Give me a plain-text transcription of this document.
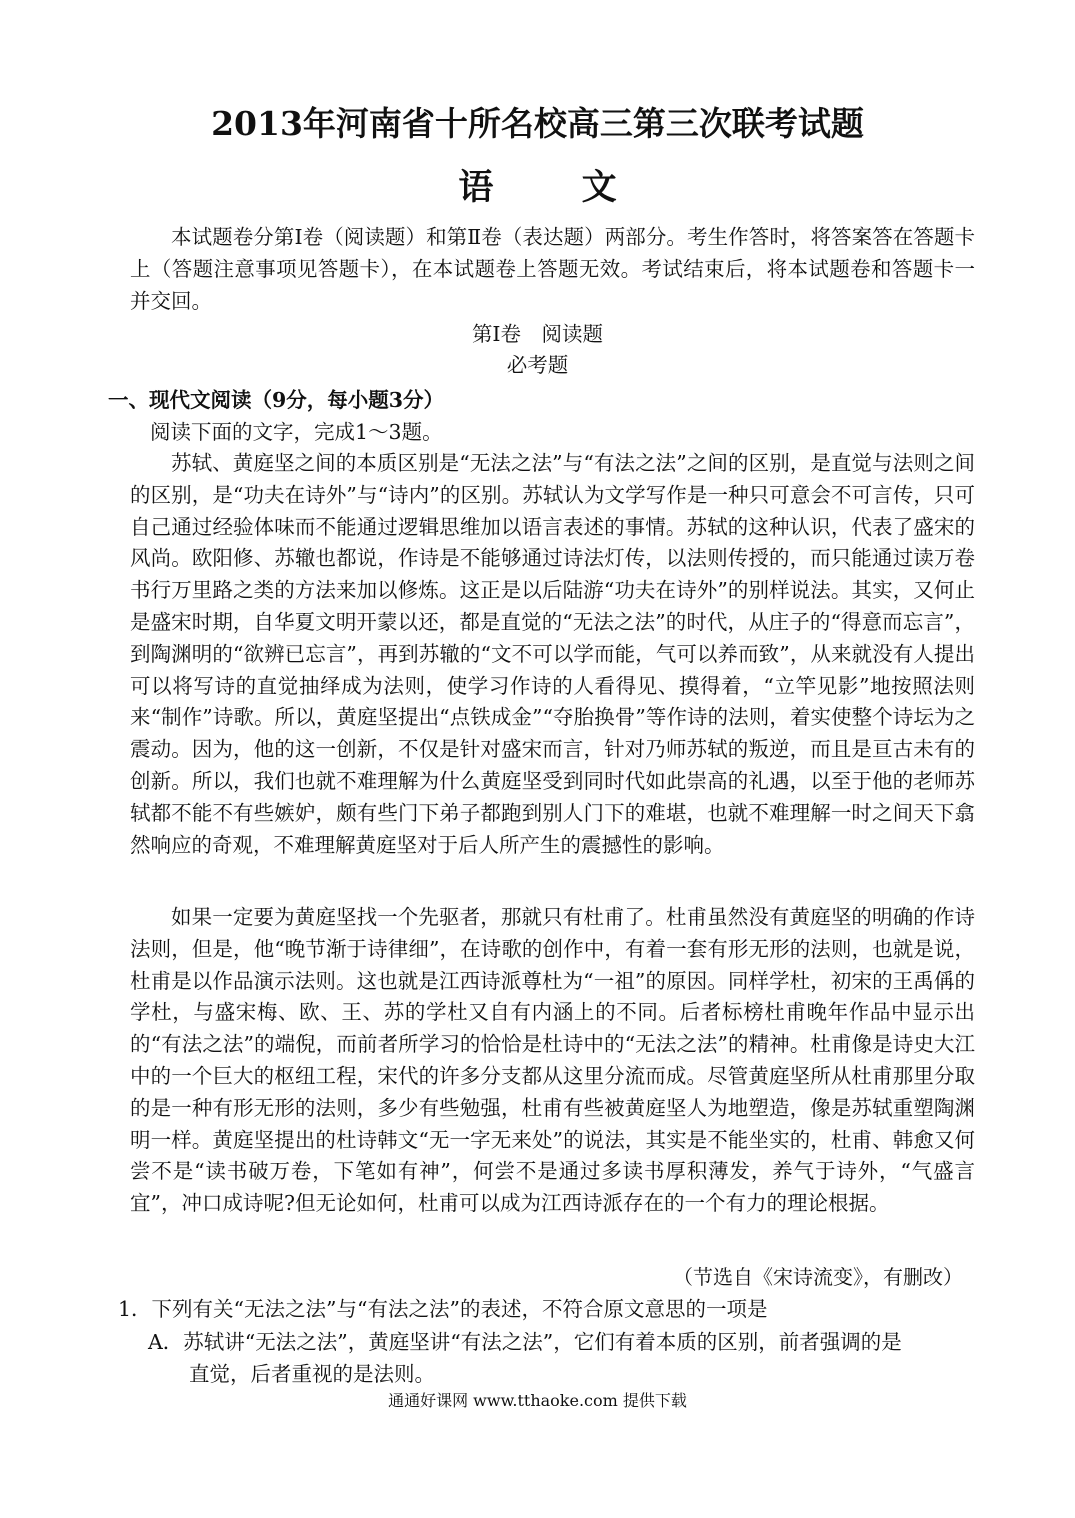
2013年河南省十所名校高三第三次联考试题
语 文

本试题卷分第Ⅰ卷（阅读题）和第Ⅱ卷（表达题）两部分。考生作答时，将答案答在答题卡上（答题注意事项见答题卡），在本试题卷上答题无效。考试结束后，将本试题卷和答题卡一并交回。

第Ⅰ卷　阅读题
必考题
一、现代文阅读（9分，每小题3分）
阅读下面的文字，完成1～3题。

苏轼、黄庭坚之间的本质区别是“无法之法”与“有法之法”之间的区别，是直觉与法则之间的区别，是“功夫在诗外”与“诗内”的区别。苏轼认为文学写作是一种只可意会不可言传，只可自己通过经验体味而不能通过逻辑思维加以语言表述的事情。苏轼的这种认识，代表了盛宋的风尚。欧阳修、苏辙也都说，作诗是不能够通过诗法灯传，以法则传授的，而只能通过读万卷书行万里路之类的方法来加以修炼。这正是以后陆游“功夫在诗外”的别样说法。其实，又何止是盛宋时期，自华夏文明开蒙以还，都是直觉的“无法之法”的时代，从庄子的“得意而忘言”，到陶渊明的“欲辨已忘言”，再到苏辙的“文不可以学而能，气可以养而致”，从来就没有人提出可以将写诗的直觉抽绎成为法则，使学习作诗的人看得见、摸得着，“立竿见影”地按照法则来“制作”诗歌。所以，黄庭坚提出“点铁成金”“夺胎换骨”等作诗的法则，着实使整个诗坛为之震动。因为，他的这一创新，不仅是针对盛宋而言，针对乃师苏轼的叛逆，而且是亘古未有的创新。所以，我们也就不难理解为什么黄庭坚受到同时代如此崇高的礼遇，以至于他的老师苏轼都不能不有些嫉妒，颇有些门下弟子都跑到别人门下的难堪，也就不难理解一时之间天下翕然响应的奇观，不难理解黄庭坚对于后人所产生的震撼性的影响。

如果一定要为黄庭坚找一个先驱者，那就只有杜甫了。杜甫虽然没有黄庭坚的明确的作诗法则，但是，他“晚节渐于诗律细”，在诗歌的创作中，有着一套有形无形的法则，也就是说，杜甫是以作品演示法则。这也就是江西诗派尊杜为“一祖”的原因。同样学杜，初宋的王禹偁的学杜，与盛宋梅、欧、王、苏的学杜又自有内涵上的不同。后者标榜杜甫晚年作品中显示出的“有法之法”的端倪，而前者所学习的恰恰是杜诗中的“无法之法”的精神。杜甫像是诗史大江中的一个巨大的枢纽工程，宋代的许多分支都从这里分流而成。尽管黄庭坚所从杜甫那里分取的是一种有形无形的法则，多少有些勉强，杜甫有些被黄庭坚人为地塑造，像是苏轼重塑陶渊明一样。黄庭坚提出的杜诗韩文“无一字无来处”的说法，其实是不能坐实的，杜甫、韩愈又何尝不是“读书破万卷，下笔如有神”，何尝不是通过多读书厚积薄发，养气于诗外，“气盛言宜”，冲口成诗呢?但无论如何，杜甫可以成为江西诗派存在的一个有力的理论根据。

（节选自《宋诗流变》，有删改）
1．下列有关“无法之法”与“有法之法”的表述，不符合原文意思的一项是
A．苏轼讲“无法之法”，黄庭坚讲“有法之法”，它们有着本质的区别，前者强调的是
直觉，后者重视的是法则。
通通好课网 www.tthaoke.com 提供下载
